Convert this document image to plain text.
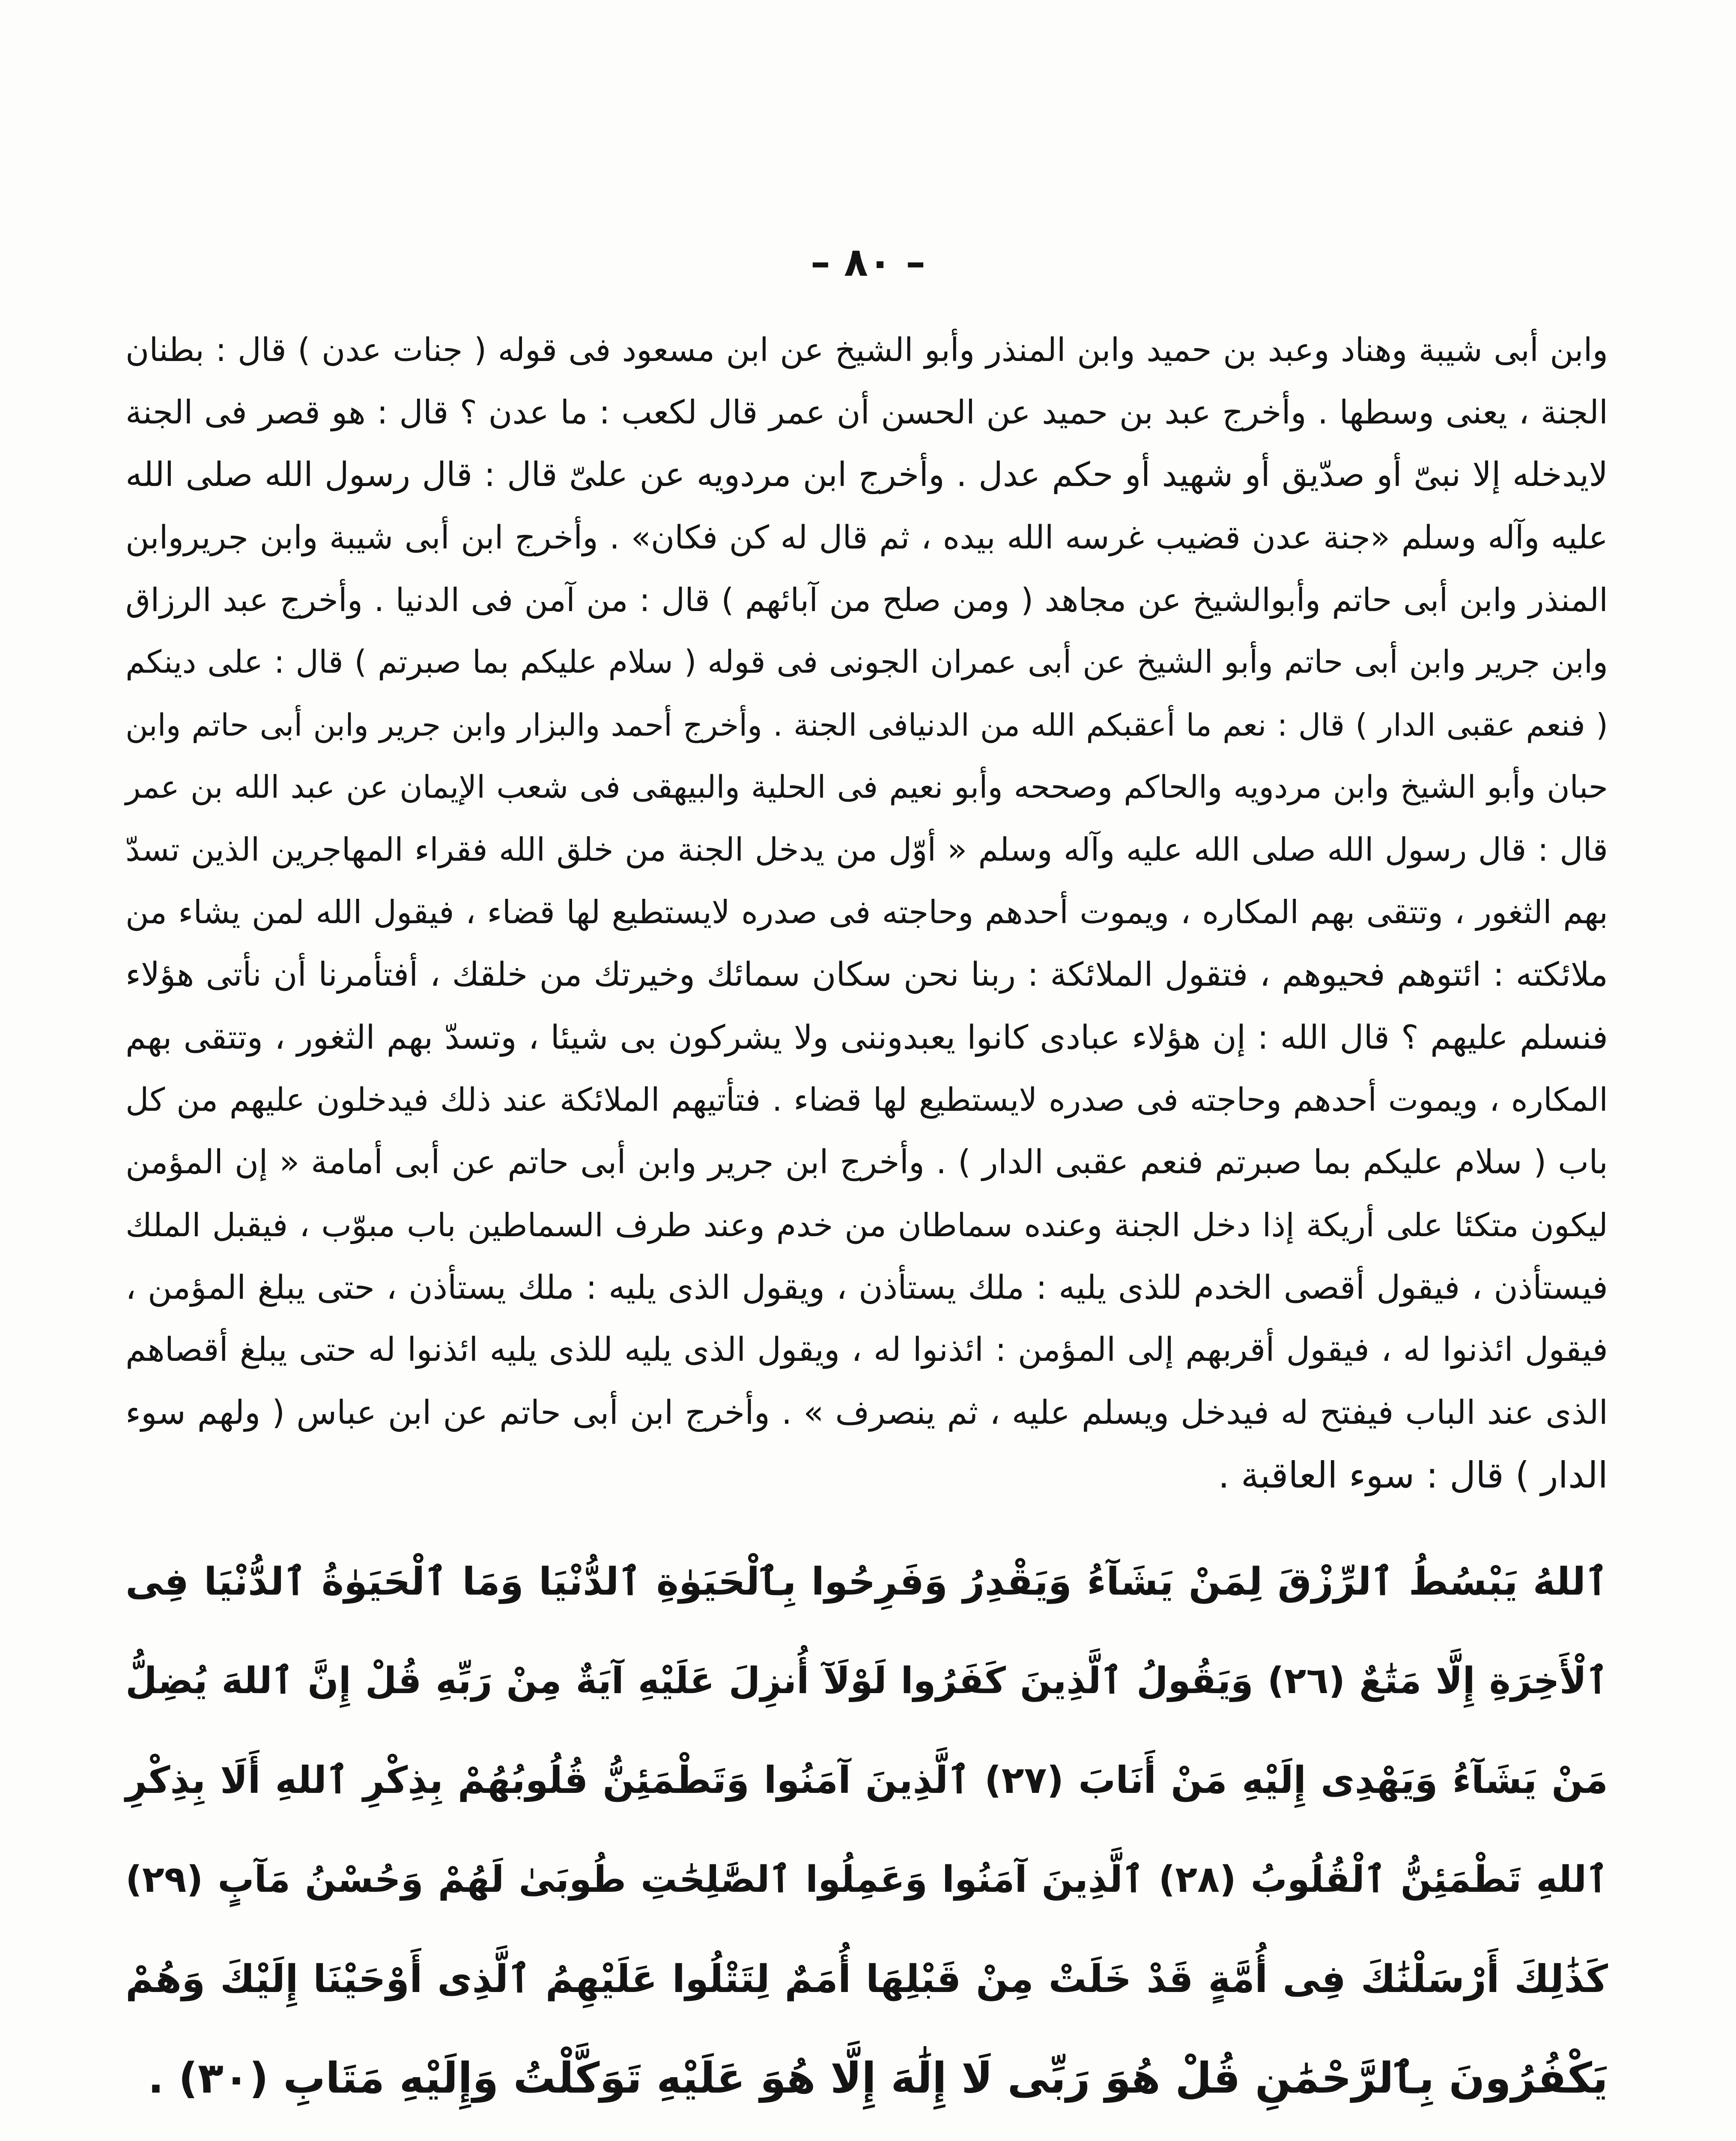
– ٨٠ –
وابن أبى شيبة وهناد وعبد بن حميد وابن المنذر وأبو الشيخ عن ابن مسعود فى قوله ( جنات عدن ) قال : بطنان
الجنة ، يعنى وسطها . وأخرج عبد بن حميد عن الحسن أن عمر قال لكعب : ما عدن ؟ قال : هو قصر فى الجنة
لايدخله إلا نبىّ أو صدّيق أو شهيد أو حكم عدل . وأخرج ابن مردويه عن علىّ قال : قال رسول الله صلى الله
عليه وآله وسلم «جنة عدن قضيب غرسه الله بيده ، ثم قال له كن فكان» . وأخرج ابن أبى شيبة وابن جريروابن
المنذر وابن أبى حاتم وأبوالشيخ عن مجاهد ( ومن صلح من آبائهم ) قال : من آمن فى الدنيا . وأخرج عبد الرزاق
وابن جرير وابن أبى حاتم وأبو الشيخ عن أبى عمران الجونى فى قوله ( سلام عليكم بما صبرتم ) قال : على دينكم
( فنعم عقبى الدار ) قال : نعم ما أعقبكم الله من الدنيافى الجنة . وأخرج أحمد والبزار وابن جرير وابن أبى حاتم وابن
حبان وأبو الشيخ وابن مردويه والحاكم وصححه وأبو نعيم فى الحلية والبيهقى فى شعب الإيمان عن عبد الله بن عمر
قال : قال رسول الله صلى الله عليه وآله وسلم « أوّل من يدخل الجنة من خلق الله فقراء المهاجرين الذين تسدّ
بهم الثغور ، وتتقى بهم المكاره ، ويموت أحدهم وحاجته فى صدره لايستطيع لها قضاء ، فيقول الله لمن يشاء من
ملائكته : ائتوهم فحيوهم ، فتقول الملائكة : ربنا نحن سكان سمائك وخيرتك من خلقك ، أفتأمرنا أن نأتى هؤلاء
فنسلم عليهم ؟ قال الله : إن هؤلاء عبادى كانوا يعبدوننى ولا يشركون بى شيئا ، وتسدّ بهم الثغور ، وتتقى بهم
المكاره ، ويموت أحدهم وحاجته فى صدره لايستطيع لها قضاء . فتأتيهم الملائكة عند ذلك فيدخلون عليهم من كل
باب ( سلام عليكم بما صبرتم فنعم عقبى الدار ) . وأخرج ابن جرير وابن أبى حاتم عن أبى أمامة « إن المؤمن
ليكون متكئا على أريكة إذا دخل الجنة وعنده سماطان من خدم وعند طرف السماطين باب مبوّب ، فيقبل الملك
فيستأذن ، فيقول أقصى الخدم للذى يليه : ملك يستأذن ، ويقول الذى يليه : ملك يستأذن ، حتى يبلغ المؤمن ،
فيقول ائذنوا له ، فيقول أقربهم إلى المؤمن : ائذنوا له ، ويقول الذى يليه للذى يليه ائذنوا له حتى يبلغ أقصاهم
الذى عند الباب فيفتح له فيدخل ويسلم عليه ، ثم ينصرف » . وأخرج ابن أبى حاتم عن ابن عباس ( ولهم سوء
الدار ) قال : سوء العاقبة .
ٱللهُ يَبْسُطُ ٱلرِّزْقَ لِمَنْ يَشَآءُ وَيَقْدِرُ وَفَرِحُوا بِٱلْحَيَوٰةِ ٱلدُّنْيَا وَمَا ٱلْحَيَوٰةُ ٱلدُّنْيَا فِى
ٱلْأَخِرَةِ إِلَّا مَتَٰعٌ (٢٦) وَيَقُولُ ٱلَّذِينَ كَفَرُوا لَوْلَآ أُنزِلَ عَلَيْهِ آيَةٌ مِنْ رَبِّهِ قُلْ إِنَّ ٱللهَ يُضِلُّ
مَنْ يَشَآءُ وَيَهْدِى إِلَيْهِ مَنْ أَنَابَ (٢٧) ٱلَّذِينَ آمَنُوا وَتَطْمَئِنُّ قُلُوبُهُمْ بِذِكْرِ ٱللهِ أَلَا بِذِكْرِ
ٱللهِ تَطْمَئِنُّ ٱلْقُلُوبُ (٢٨) ٱلَّذِينَ آمَنُوا وَعَمِلُوا ٱلصَّٰلِحَٰتِ طُوبَىٰ لَهُمْ وَحُسْنُ مَآبٍ (٢٩)
كَذَٰلِكَ أَرْسَلْنَٰكَ فِى أُمَّةٍ قَدْ خَلَتْ مِنْ قَبْلِهَا أُمَمٌ لِتَتْلُوا عَلَيْهِمُ ٱلَّذِى أَوْحَيْنَا إِلَيْكَ وَهُمْ
يَكْفُرُونَ بِٱلرَّحْمَٰنِ قُلْ هُوَ رَبِّى لَا إِلَٰهَ إِلَّا هُوَ عَلَيْهِ تَوَكَّلْتُ وَإِلَيْهِ مَتَابِ (٣٠) .
